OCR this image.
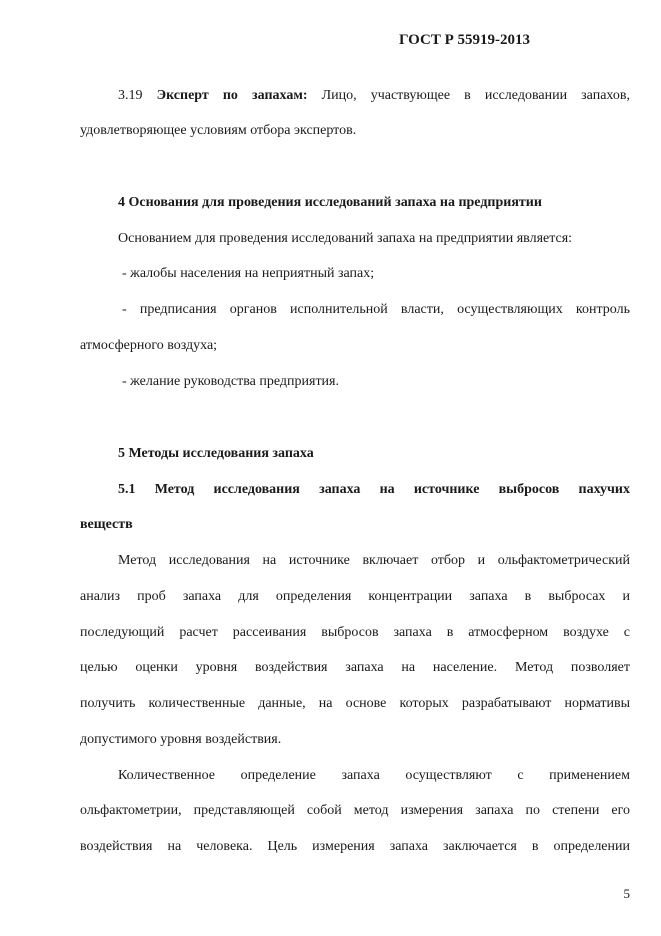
ГОСТ Р 55919-2013
3.19 Эксперт по запахам: Лицо, участвующее в исследовании запахов,
удовлетворяющее условиям отбора экспертов.
4 Основания для проведения исследований запаха на предприятии
Основанием для проведения исследований запаха на предприятии является:
- жалобы населения на неприятный запах;
- предписания органов исполнительной власти, осуществляющих контроль
атмосферного воздуха;
- желание руководства предприятия.
5 Методы исследования запаха
5.1 Метод исследования запаха на источнике выбросов пахучих
веществ
Метод исследования на источнике включает отбор и ольфактометрический
анализ проб запаха для определения концентрации запаха в выбросах и
последующий расчет рассеивания выбросов запаха в атмосферном воздухе с
целью оценки уровня воздействия запаха на население. Метод позволяет
получить количественные данные, на основе которых разрабатывают нормативы
допустимого уровня воздействия.
Количественное определение запаха осуществляют с применением
ольфактометрии, представляющей собой метод измерения запаха по степени его
воздействия на человека. Цель измерения запаха заключается в определении
5
